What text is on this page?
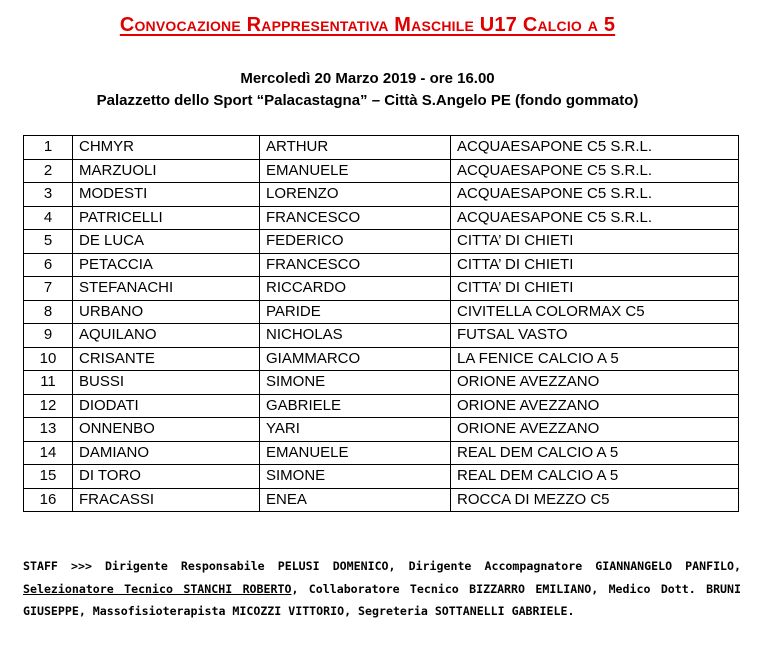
Convocazione Rappresentativa Maschile U17 Calcio a 5
Mercoledì 20 Marzo 2019 - ore 16.00
Palazzetto dello Sport “Palacastagna” – Città S.Angelo PE (fondo gommato)
1	CHMYR	ARTHUR	ACQUAESAPONE C5 S.R.L.
2	MARZUOLI	EMANUELE	ACQUAESAPONE C5 S.R.L.
3	MODESTI	LORENZO	ACQUAESAPONE C5 S.R.L.
4	PATRICELLI	FRANCESCO	ACQUAESAPONE C5 S.R.L.
5	DE LUCA	FEDERICO	CITTA’ DI CHIETI
6	PETACCIA	FRANCESCO	CITTA’ DI CHIETI
7	STEFANACHI	RICCARDO	CITTA’ DI CHIETI
8	URBANO	PARIDE	CIVITELLA COLORMAX C5
9	AQUILANO	NICHOLAS	FUTSAL VASTO
10	CRISANTE	GIAMMARCO	LA FENICE CALCIO A 5
11	BUSSI	SIMONE	ORIONE AVEZZANO
12	DIODATI	GABRIELE	ORIONE AVEZZANO
13	ONNENBO	YARI	ORIONE AVEZZANO
14	DAMIANO	EMANUELE	REAL DEM CALCIO A 5
15	DI TORO	SIMONE	REAL DEM CALCIO A 5
16	FRACASSI	ENEA	ROCCA DI MEZZO C5
STAFF >>> Dirigente Responsabile PELUSI DOMENICO, Dirigente Accompagnatore GIANNANGELO PANFILO, Selezionatore Tecnico STANCHI ROBERTO, Collaboratore Tecnico BIZZARRO EMILIANO, Medico Dott. BRUNI GIUSEPPE, Massofisioterapista MICOZZI VITTORIO, Segreteria SOTTANELLI GABRIELE.
